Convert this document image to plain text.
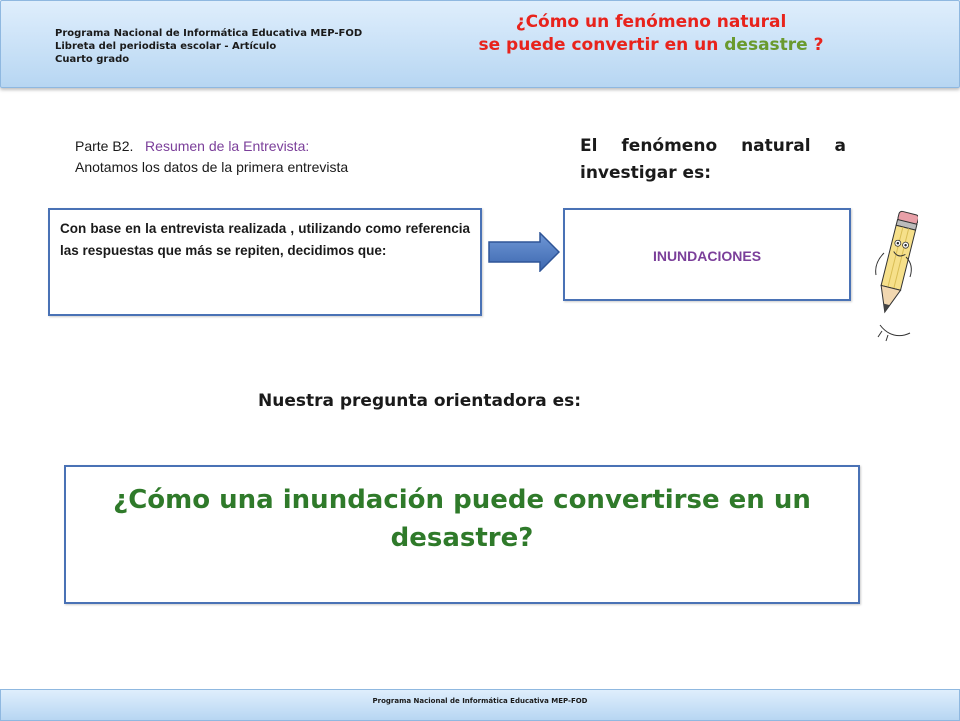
Programa Nacional de Informática Educativa MEP-FOD
Libreta del periodista escolar - Artículo
Cuarto grado
¿Cómo un fenómeno natural
se puede convertir en un desastre ?
Parte B2. Resumen de la Entrevista:
Anotamos los datos de la primera entrevista
El fenómeno natural a
investigar es:

Con base en la entrevista realizada , utilizando como referencia las respuestas que más se repiten, decidimos que:	INUNDACIONES
Nuestra pregunta orientadora es:

¿Cómo una inundación puede convertirse en un desastre?

Programa Nacional de Informática Educativa MEP-FOD
